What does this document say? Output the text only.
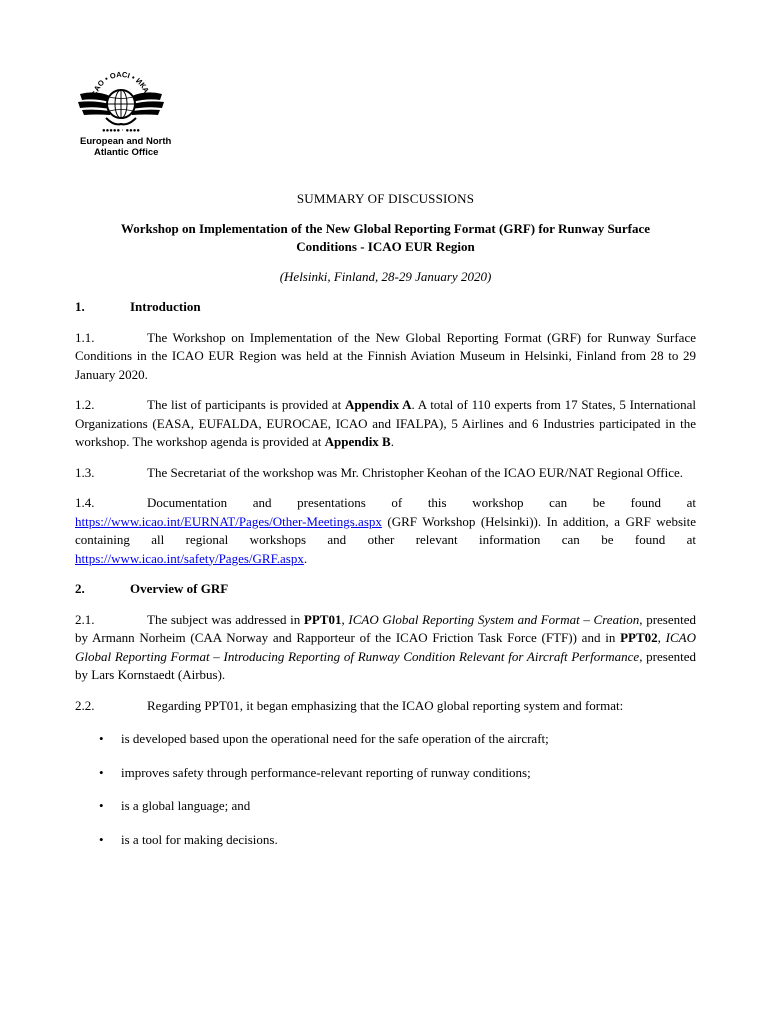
ICAO • OACI • ИКАО
●●●●● · ●●●●
European and North
Atlantic Office
SUMMARY OF DISCUSSIONS
Workshop on Implementation of the New Global Reporting Format (GRF) for Runway Surface Conditions - ICAO EUR Region
(Helsinki, Finland, 28-29 January 2020)
1.	Introduction

1.1.	The Workshop on Implementation of the New Global Reporting Format (GRF) for Runway Surface Conditions in the ICAO EUR Region was held at the Finnish Aviation Museum in Helsinki, Finland from 28 to 29 January 2020.

1.2.	The list of participants is provided at Appendix A. A total of 110 experts from 17 States, 5 International Organizations (EASA, EUFALDA, EUROCAE, ICAO and IFALPA), 5 Airlines and 6 Industries participated in the workshop. The workshop agenda is provided at Appendix B.

1.3.	The Secretariat of the workshop was Mr. Christopher Keohan of the ICAO EUR/NAT Regional Office.

1.4.	Documentation and presentations of this workshop can be found at https://www.icao.int/EURNAT/Pages/Other-Meetings.aspx (GRF Workshop (Helsinki)). In addition, a GRF website containing all regional workshops and other relevant information can be found at https://www.icao.int/safety/Pages/GRF.aspx.

2.	Overview of GRF

2.1.	The subject was addressed in PPT01, ICAO Global Reporting System and Format – Creation, presented by Armann Norheim (CAA Norway and Rapporteur of the ICAO Friction Task Force (FTF)) and in PPT02, ICAO Global Reporting Format – Introducing Reporting of Runway Condition Relevant for Aircraft Performance, presented by Lars Kornstaedt (Airbus).

2.2.	Regarding PPT01, it began emphasizing that the ICAO global reporting system and format:

• is developed based upon the operational need for the safe operation of the aircraft;
• improves safety through performance-relevant reporting of runway conditions;
• is a global language; and
• is a tool for making decisions.
